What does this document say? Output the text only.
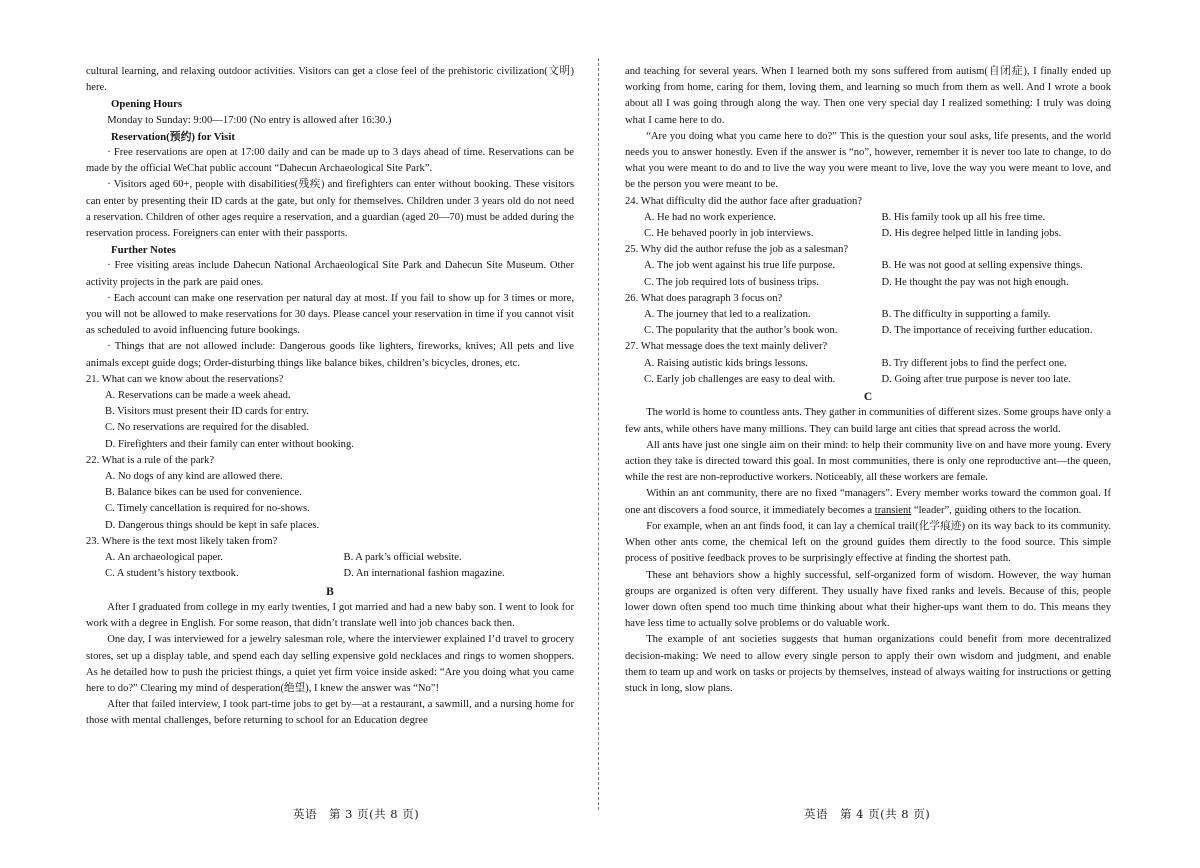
cultural learning, and relaxing outdoor activities. Visitors can get a close feel of the prehistoric civilization(文明) here.

Opening Hours

Monday to Sunday: 9:00—17:00 (No entry is allowed after 16:30.)

Reservation(预约) for Visit

· Free reservations are open at 17:00 daily and can be made up to 3 days ahead of time. Reservations can be made by the official WeChat public account “Dahecun Archaeological Site Park”.

· Visitors aged 60+, people with disabilities(残疾) and firefighters can enter without booking. These visitors can enter by presenting their ID cards at the gate, but only for themselves. Children under 3 years old do not need a reservation. Children of other ages require a reservation, and a guardian (aged 20—70) must be added during the reservation process. Foreigners can enter with their passports.

Further Notes

· Free visiting areas include Dahecun National Archaeological Site Park and Dahecun Site Museum. Other activity projects in the park are paid ones.

· Each account can make one reservation per natural day at most. If you fail to show up for 3 times or more, you will not be allowed to make reservations for 30 days. Please cancel your reservation in time if you cannot visit as scheduled to avoid influencing future bookings.

· Things that are not allowed include: Dangerous goods like lighters, fireworks, knives; All pets and live animals except guide dogs; Order-disturbing things like balance bikes, children’s bicycles, drones, etc.

21. What can we know about the reservations?

A. Reservations can be made a week ahead.
B. Visitors must present their ID cards for entry.
C. No reservations are required for the disabled.
D. Firefighters and their family can enter without booking.

22. What is a rule of the park?

A. No dogs of any kind are allowed there.
B. Balance bikes can be used for convenience.
C. Timely cancellation is required for no-shows.
D. Dangerous things should be kept in safe places.

23. Where is the text most likely taken from?

A. An archaeological paper.	B. A park’s official website.
C. A student’s history textbook.	D. An international fashion magazine.
B

After I graduated from college in my early twenties, I got married and had a new baby son. I went to look for work with a degree in English. For some reason, that didn’t translate well into job chances back then.

One day, I was interviewed for a jewelry salesman role, where the interviewer explained I’d travel to grocery stores, set up a display table, and spend each day selling expensive gold necklaces and rings to women shoppers. As he detailed how to push the priciest things, a quiet yet firm voice inside asked: “Are you doing what you came here to do?” Clearing my mind of desperation(绝望), I knew the answer was “No”!

After that failed interview, I took part-time jobs to get by—at a restaurant, a sawmill, and a nursing home for those with mental challenges, before returning to school for an Education degree

and teaching for several years. When I learned both my sons suffered from autism(自闭症), I finally ended up working from home, caring for them, loving them, and learning so much from them as well. And I wrote a book about all I was going through along the way. Then one very special day I realized something: I truly was doing what I came here to do.

“Are you doing what you came here to do?” This is the question your soul asks, life presents, and the world needs you to answer honestly. Even if the answer is “no”, however, remember it is never too late to change, to do what you were meant to do and to live the way you were meant to live, love the way you were meant to love, and be the person you were meant to be.

24. What difficulty did the author face after graduation?

A. He had no work experience.	B. His family took up all his free time.
C. He behaved poorly in job interviews.	D. His degree helped little in landing jobs.

25. Why did the author refuse the job as a salesman?

A. The job went against his true life purpose.	B. He was not good at selling expensive things.
C. The job required lots of business trips.	D. He thought the pay was not high enough.

26. What does paragraph 3 focus on?

A. The journey that led to a realization.	B. The difficulty in supporting a family.
C. The popularity that the author’s book won.	D. The importance of receiving further education.

27. What message does the text mainly deliver?

A. Raising autistic kids brings lessons.	B. Try different jobs to find the perfect one.
C. Early job challenges are easy to deal with.	D. Going after true purpose is never too late.
C

The world is home to countless ants. They gather in communities of different sizes. Some groups have only a few ants, while others have many millions. They can build large ant cities that spread across the world.

All ants have just one single aim on their mind: to help their community live on and have more young. Every action they take is directed toward this goal. In most communities, there is only one reproductive ant—the queen, while the rest are non-reproductive workers. Noticeably, all these workers are female.

Within an ant community, there are no fixed “managers”. Every member works toward the common goal. If one ant discovers a food source, it immediately becomes a transient “leader”, guiding others to the location.

For example, when an ant finds food, it can lay a chemical trail(化学痕迹) on its way back to its community. When other ants come, the chemical left on the ground guides them directly to the food source. This simple process of positive feedback proves to be surprisingly effective at finding the shortest path.

These ant behaviors show a highly successful, self-organized form of wisdom. However, the way human groups are organized is often very different. They usually have fixed ranks and levels. Because of this, people lower down often spend too much time thinking about what their higher-ups want them to do. This means they have less time to actually solve problems or do valuable work.

The example of ant societies suggests that human organizations could benefit from more decentralized decision-making: We need to allow every single person to apply their own wisdom and judgment, and enable them to team up and work on tasks or projects by themselves, instead of always waiting for instructions or getting stuck in long, slow plans.

英语　第 3 页(共 8 页)	英语　第 4 页(共 8 页)
